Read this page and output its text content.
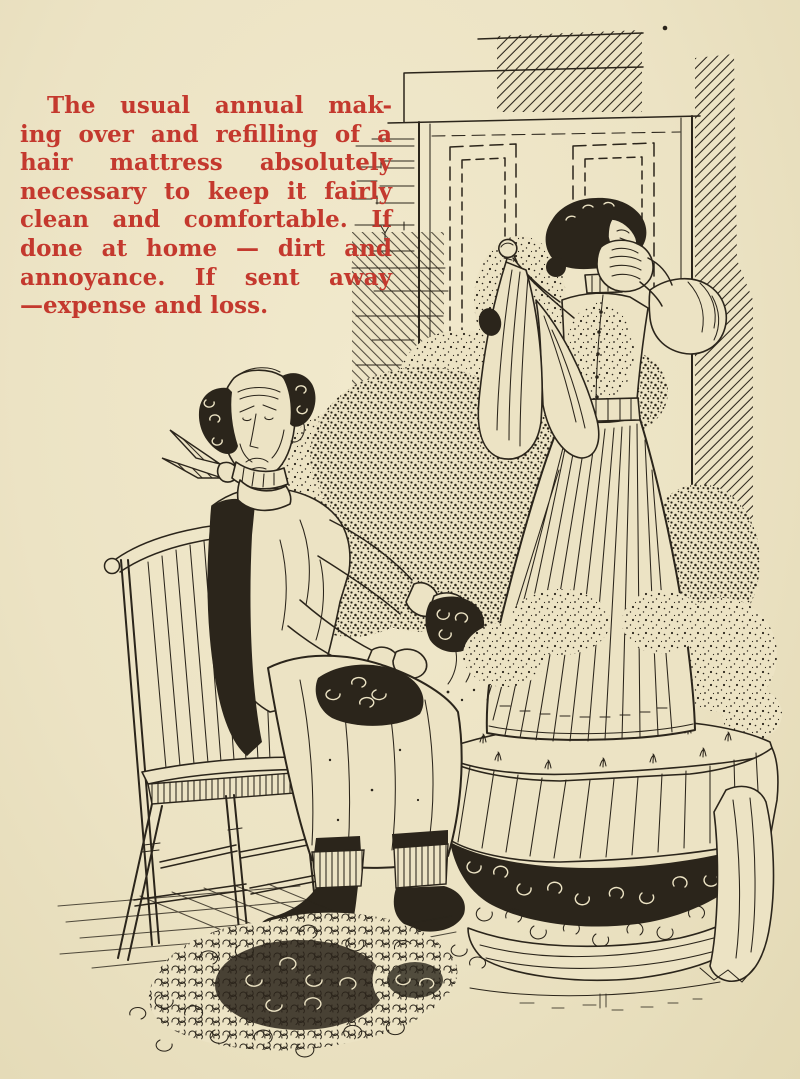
The usual annual mak-
ing over and refilling of a
hair mattress absolutely
necessary to keep it fairly
clean and comfortable. If
done at home — dirt and
annoyance. If sent away
—expense and loss.
